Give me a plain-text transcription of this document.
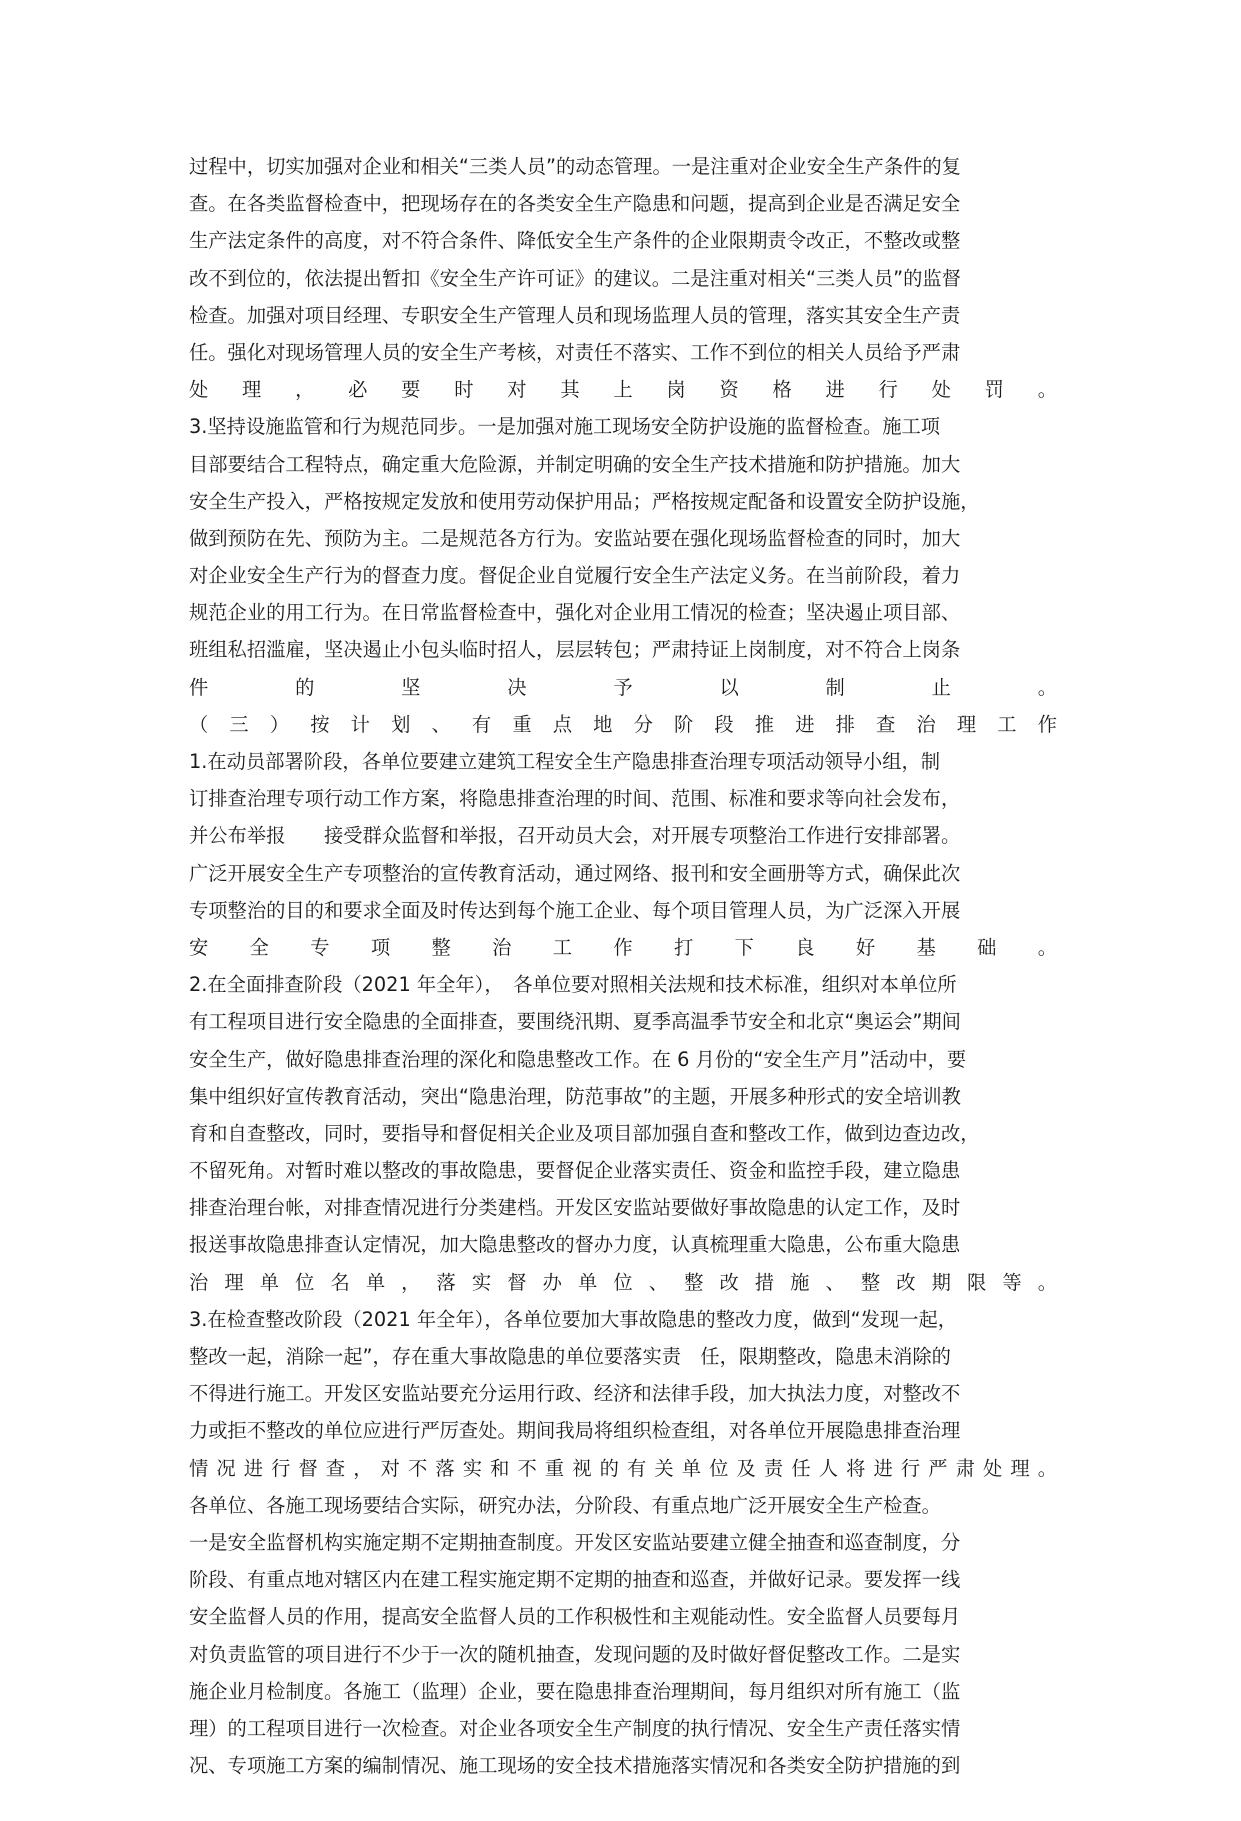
过程中，切实加强对企业和相关“三类人员”的动态管理。一是注重对企业安全生产条件的复
查。在各类监督检查中，把现场存在的各类安全生产隐患和问题，提高到企业是否满足安全
生产法定条件的高度，对不符合条件、降低安全生产条件的企业限期责令改正，不整改或整
改不到位的，依法提出暂扣《安全生产许可证》的建议。二是注重对相关“三类人员”的监督
检查。加强对项目经理、专职安全生产管理人员和现场监理人员的管理，落实其安全生产责
任。强化对现场管理人员的安全生产考核，对责任不落实、工作不到位的相关人员给予严肃
处理，必要时对其上岗资格进行处罚。
3.坚持设施监管和行为规范同步。一是加强对施工现场安全防护设施的监督检查。施工项
目部要结合工程特点，确定重大危险源，并制定明确的安全生产技术措施和防护措施。加大
安全生产投入，严格按规定发放和使用劳动保护用品；严格按规定配备和设置安全防护设施，
做到预防在先、预防为主。二是规范各方行为。安监站要在强化现场监督检查的同时，加大
对企业安全生产行为的督查力度。督促企业自觉履行安全生产法定义务。在当前阶段，着力
规范企业的用工行为。在日常监督检查中，强化对企业用工情况的检查；坚决遏止项目部、
班组私招滥雇，坚决遏止小包头临时招人，层层转包；严肃持证上岗制度，对不符合上岗条
件的坚决予以制止。
（三）按计划、有重点地分阶段推进排查治理工作
1.在动员部署阶段，各单位要建立建筑工程安全生产隐患排查治理专项活动领导小组，制
订排查治理专项行动工作方案，将隐患排查治理的时间、范围、标准和要求等向社会发布，
并公布举报　　接受群众监督和举报，召开动员大会，对开展专项整治工作进行安排部署。
广泛开展安全生产专项整治的宣传教育活动，通过网络、报刊和安全画册等方式，确保此次
专项整治的目的和要求全面及时传达到每个施工企业、每个项目管理人员，为广泛深入开展
安全专项整治工作打下良好基础。
2.在全面排查阶段（2021 年全年），　各单位要对照相关法规和技术标准，组织对本单位所
有工程项目进行安全隐患的全面排查，要围绕汛期、夏季高温季节安全和北京“奥运会”期间
安全生产，做好隐患排查治理的深化和隐患整改工作。在 6 月份的“安全生产月”活动中，要
集中组织好宣传教育活动，突出“隐患治理，防范事故”的主题，开展多种形式的安全培训教
育和自查整改，同时，要指导和督促相关企业及项目部加强自查和整改工作，做到边查边改，
不留死角。对暂时难以整改的事故隐患，要督促企业落实责任、资金和监控手段，建立隐患
排查治理台帐，对排查情况进行分类建档。开发区安监站要做好事故隐患的认定工作，及时
报送事故隐患排查认定情况，加大隐患整改的督办力度，认真梳理重大隐患，公布重大隐患
治理单位名单，落实督办单位、整改措施、整改期限等。
3.在检查整改阶段（2021 年全年），各单位要加大事故隐患的整改力度，做到“发现一起，
整改一起，消除一起”，存在重大事故隐患的单位要落实责　任，限期整改，隐患未消除的
不得进行施工。开发区安监站要充分运用行政、经济和法律手段，加大执法力度，对整改不
力或拒不整改的单位应进行严厉查处。期间我局将组织检查组，对各单位开展隐患排查治理
情况进行督查，对不落实和不重视的有关单位及责任人将进行严肃处理。
各单位、各施工现场要结合实际，研究办法，分阶段、有重点地广泛开展安全生产检查。
一是安全监督机构实施定期不定期抽查制度。开发区安监站要建立健全抽查和巡查制度，分
阶段、有重点地对辖区内在建工程实施定期不定期的抽查和巡查，并做好记录。要发挥一线
安全监督人员的作用，提高安全监督人员的工作积极性和主观能动性。安全监督人员要每月
对负责监管的项目进行不少于一次的随机抽查，发现问题的及时做好督促整改工作。二是实
施企业月检制度。各施工（监理）企业，要在隐患排查治理期间，每月组织对所有施工（监
理）的工程项目进行一次检查。对企业各项安全生产制度的执行情况、安全生产责任落实情
况、专项施工方案的编制情况、施工现场的安全技术措施落实情况和各类安全防护措施的到
